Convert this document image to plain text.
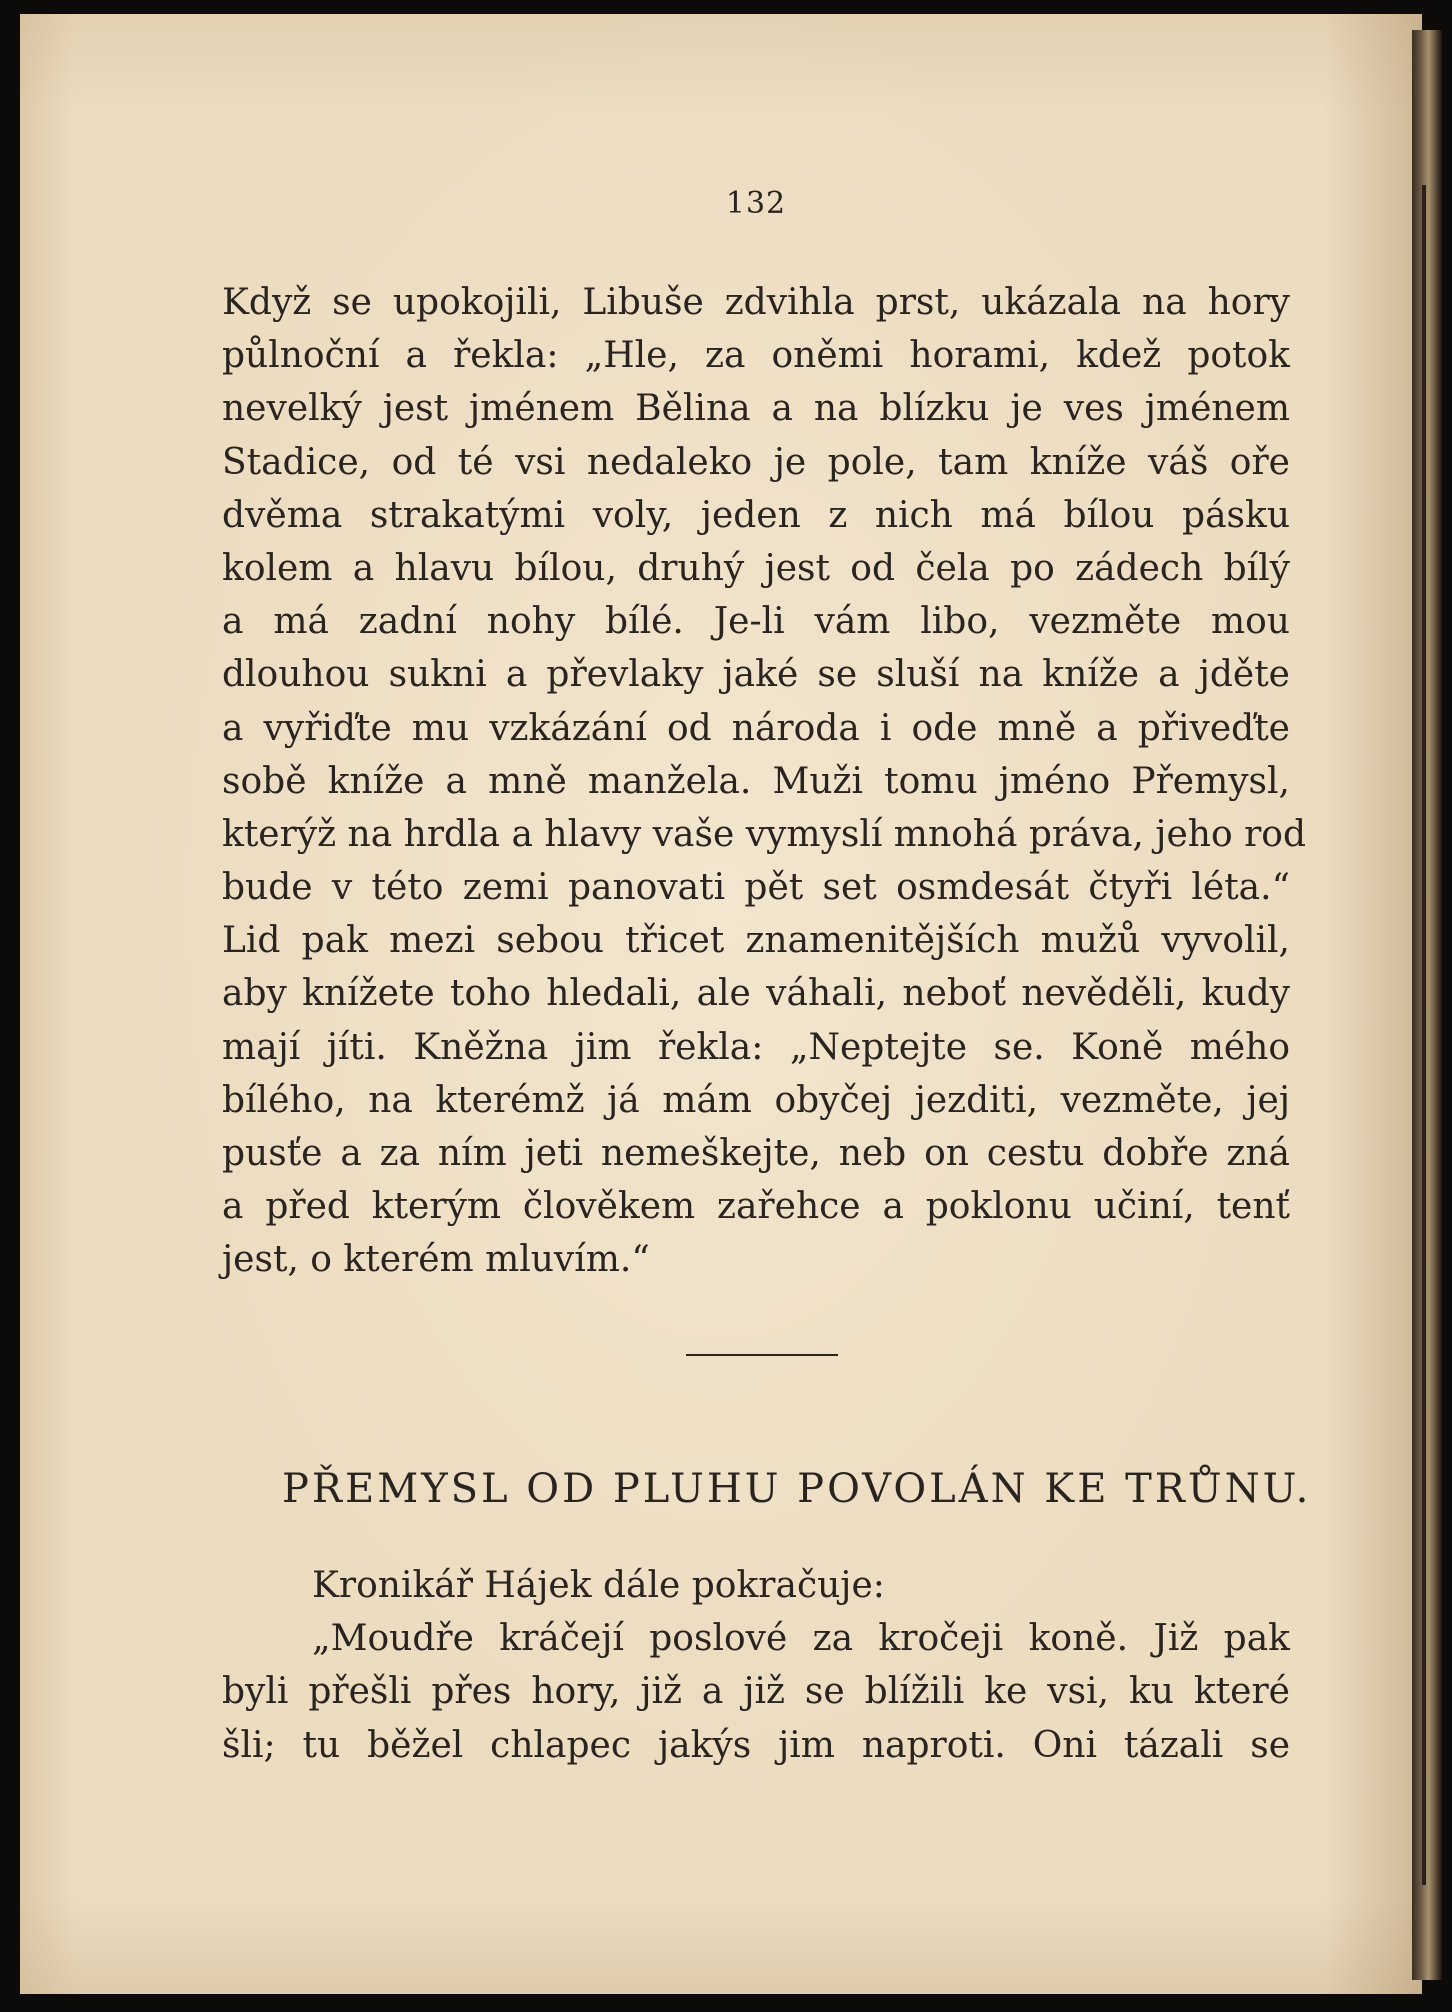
132
Když se upokojili, Libuše zdvihla prst, ukázala na hory
půlnoční a řekla: „Hle, za oněmi horami, kdež potok
nevelký jest jménem Bělina a na blízku je ves jménem
Stadice, od té vsi nedaleko je pole, tam kníže váš oře
dvěma strakatými voly, jeden z nich má bílou pásku
kolem a hlavu bílou, druhý jest od čela po zádech bílý
a má zadní nohy bílé. Je-li vám libo, vezměte mou
dlouhou sukni a převlaky jaké se sluší na kníže a jděte
a vyřiďte mu vzkázání od národa i ode mně a přiveďte
sobě kníže a mně manžela. Muži tomu jméno Přemysl,
kterýž na hrdla a hlavy vaše vymyslí mnohá práva, jeho rod
bude v této zemi panovati pět set osmdesát čtyři léta.“
Lid pak mezi sebou třicet znamenitějších mužů vyvolil,
aby knížete toho hledali, ale váhali, neboť nevěděli, kudy
mají jíti. Kněžna jim řekla: „Neptejte se. Koně mého
bílého, na kterémž já mám obyčej jezditi, vezměte, jej
pusťe a za ním jeti nemeškejte, neb on cestu dobře zná
a před kterým člověkem zařehce a poklonu učiní, tenť
jest, o kterém mluvím.“
PŘEMYSL OD PLUHU POVOLÁN KE TRŮNU.
Kronikář Hájek dále pokračuje:
„Moudře kráčejí poslové za kročeji koně. Již pak
byli přešli přes hory, již a již se blížili ke vsi, ku které
šli; tu běžel chlapec jakýs jim naproti. Oni tázali se
